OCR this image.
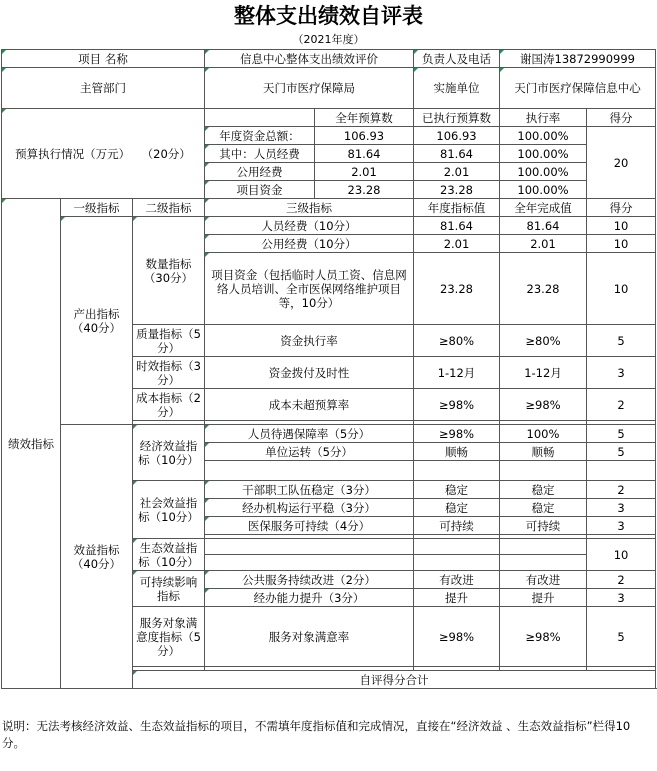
整体支出绩效自评表
（2021年度）
项目 名称			信息中心整体支出绩效评价		负责人及电话	谢国涛13872990999		
主管部门			天门市医疗保障局		实施单位	天门市医疗保障信息中心		
预算执行情况（万元）　　（20分）				全年预算数	已执行预算数	执行率	得分	
			年度资金总额：	106.93	106.93	100.00%	20	
			其中：人员经费	81.64	81.64	100.00%		
			公用经费	2.01	2.01	100.00%		
			项目资金	23.28	23.28	100.00%		
绩效指标	一级指标	二级指标	三级指标		年度指标值	全年完成值	得分	
	产出指标（40分）	数量指标（30分）	人员经费（10分）		81.64	81.64	10	
			公用经费（10分）		2.01	2.01	10	
			项目资金（包括临时人员工资、信息网络人员培训、全市医保网络维护项目等，10分）		23.28	23.28	10	
		质量指标（5分）	资金执行率		≥80%	≥80%	5	
		时效指标（3分）	资金拨付及时性		1-12月	1-12月	3	
		成本指标（2分）	成本未超预算率		≥98%	≥98%	2	

	效益指标（40分）	经济效益指标（10分）	人员待遇保障率（5分）		≥98%	100%	5	
			单位运转（5分）		顺畅	顺畅	5	

		社会效益指标（10分）	干部职工队伍稳定（3分）		稳定	稳定	2	
			经办机构运行平稳（3分）		稳定	稳定	3	
			医保服务可持续（4分）		可持续	可持续	3	

		生态效益指标（10分）					10	

		可持续影响指标	公共服务持续改进（2分）		有改进	有改进	2	
			经办能力提升（3分）		提升	提升	3	
		服务对象满意度指标（5分）	服务对象满意率		≥98%	≥98%	5	

		自评得分合计	
说明：无法考核经济效益、生态效益指标的项目，不需填年度指标值和完成情况，直接在“经济效益 、生态效益指标”栏得10分。
